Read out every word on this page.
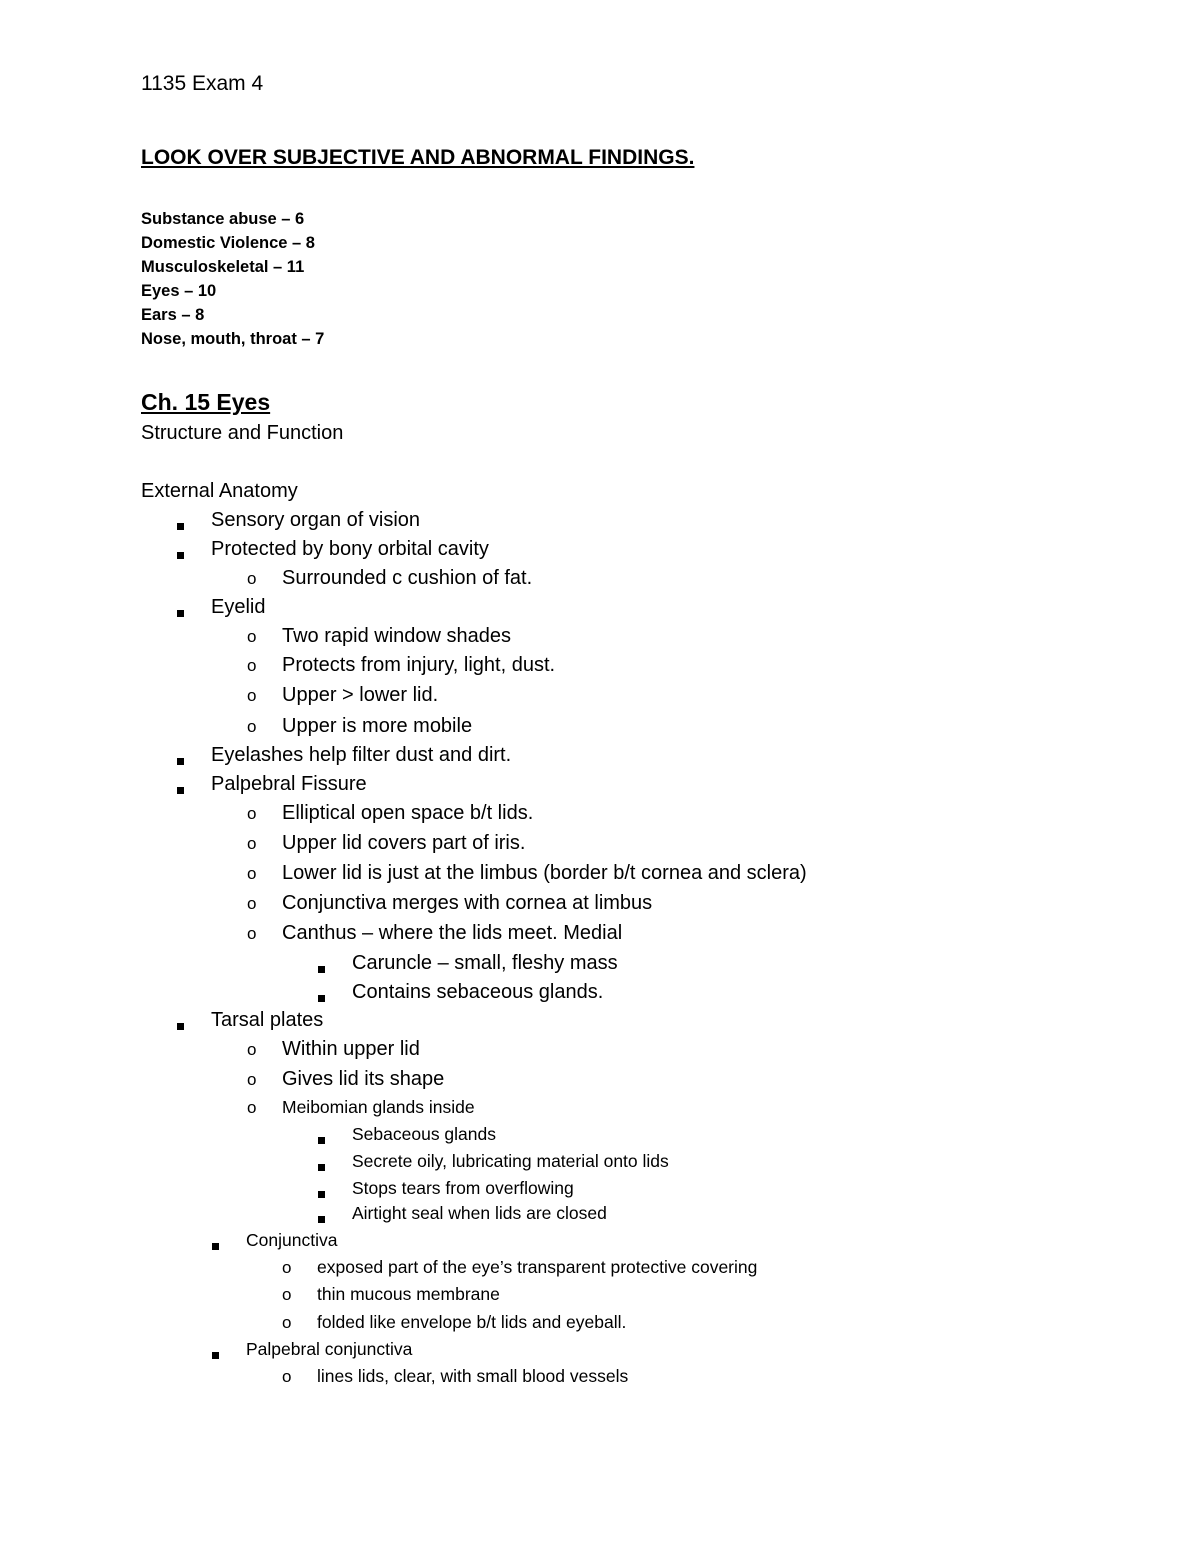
1135 Exam 4
LOOK OVER SUBJECTIVE AND ABNORMAL FINDINGS.
Substance abuse – 6
Domestic Violence – 8
Musculoskeletal – 11
Eyes – 10
Ears – 8
Nose, mouth, throat – 7
Ch. 15 Eyes
Structure and Function
External Anatomy
Sensory organ of vision
Protected by bony orbital cavity
o Surrounded c cushion of fat.
Eyelid
o Two rapid window shades
o Protects from injury, light, dust.
o Upper > lower lid.
o Upper is more mobile
Eyelashes help filter dust and dirt.
Palpebral Fissure
o Elliptical open space b/t lids.
o Upper lid covers part of iris.
o Lower lid is just at the limbus (border b/t cornea and sclera)
o Conjunctiva merges with cornea at limbus
o Canthus – where the lids meet. Medial
Caruncle – small, fleshy mass
Contains sebaceous glands.
Tarsal plates
o Within upper lid
o Gives lid its shape
o Meibomian glands inside
Sebaceous glands
Secrete oily, lubricating material onto lids
Stops tears from overflowing
Airtight seal when lids are closed
Conjunctiva
o exposed part of the eye’s transparent protective covering
o thin mucous membrane
o folded like envelope b/t lids and eyeball.
Palpebral conjunctiva
o lines lids, clear, with small blood vessels
